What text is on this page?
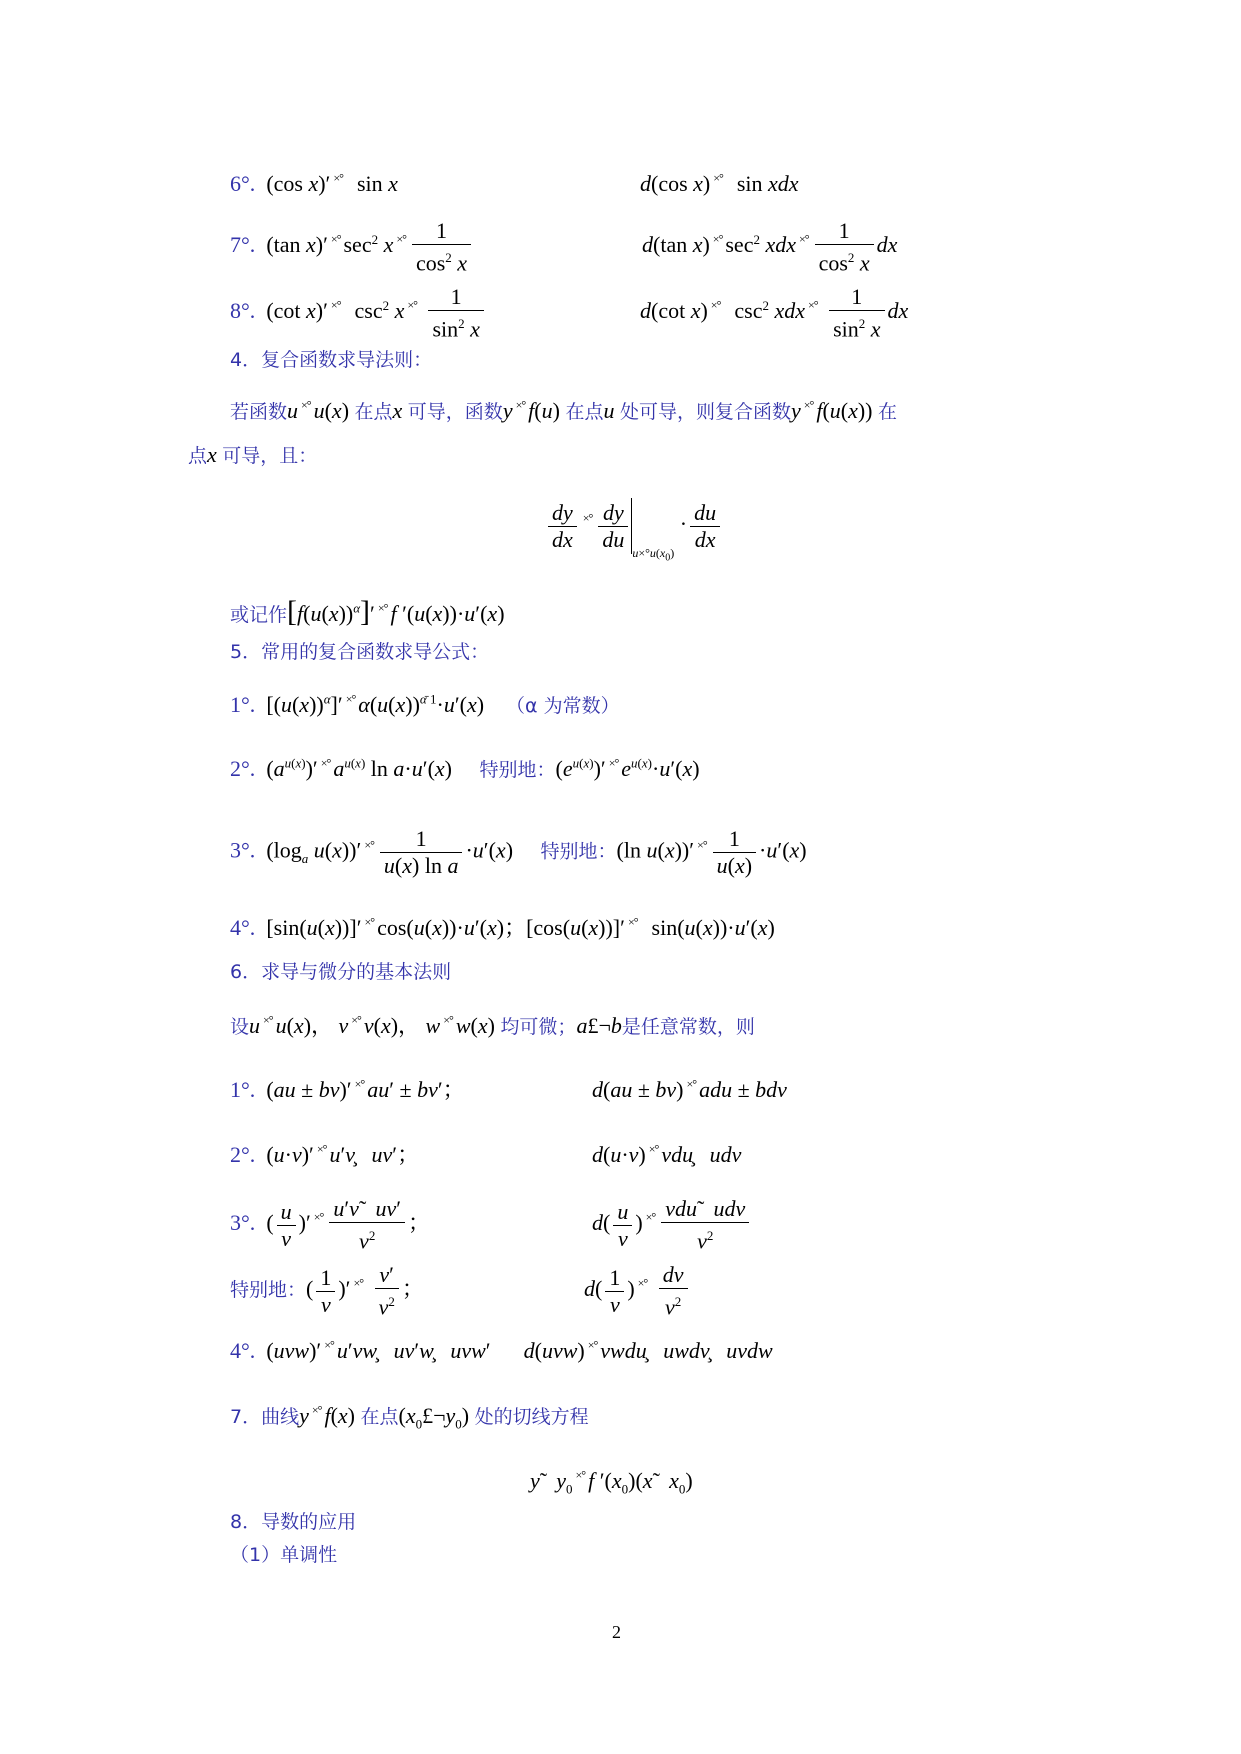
6°.  (cos x)′ ×°  sin x	d(cos x) ×°  sin xdx
7°.  (tan x)′ ×° $\sec^2 x$ $^{\times^\circ} \frac{1}{\cos^2 x}$	d(tan x) ×° $\sec^2$ xdx $^{\times^\circ} \frac{1}{\cos^2 x}$ dx
8°.  (cot x)′ ×°  $\csc^2 x$ $^{\times^\circ} \frac{1}{\sin^2 x}$	d(cot x) ×°  $\csc^2$ xdx $^{\times^\circ} \frac{1}{\sin^2 x}$ dx
4．复合函数求导法则：
若函数u ×° u(x) 在点x 可导，函数y ×° f(u) 在点u 处可导，则复合函数y ×° f(u(x)) 在
点x 可导，且：
$\frac{dy}{dx} ^{\times^\circ} \frac{dy}{du}$
$_{u\times^\circ u(x_0)} \cdot \frac{du}{dx}$
或记作$[f(u(x))^\alpha]'$ ×° f ′(u(x))·u′(x)
5．常用的复合函数求导公式：
1°.  $[(u(x))^\alpha]'$ ×° $\alpha(u(x))^{\alphā 1}\cdot u'(x)$    （α 为常数）
2°.  $(a^{u(x)})'$ ×° $a^{u(x)}$ ln a·u′(x)     特别地：$(e^{u(x)})'$ ×° $e^{u(x)}\cdot u'(x)$
3°.  ($\log_a$ u(x))′ $^{\times^\circ} \frac{1}{\text{u(x) ln a}} \cdot u'(x)$     特别地：(ln u(x))′ $^{\times^\circ} \frac{1}{u(x)} \cdot u'(x)$
4°.  [sin(u(x))]′ ×° cos(u(x))·u′(x)；[cos(u(x))]′ ×°  sin(u(x))·u′(x)
6．求导与微分的基本法则
设u ×° u(x)， v ×° v(x)， w ×° w(x) 均可微；a£¬b是任意常数，则
1°.  (au ± bv)′ ×° au′ ± bv′；	d(au ± bv) ×° adu ± bdv
2°.  (u·v)′ ×° u′v̧   uv′；	d(u·v) ×° vdu̧   udv
3°.  ( $\frac{u}{v}$ )′ $^{\times^\circ} \frac{u'ṽ uv'}{v^2}$ ；	$d( \frac{u}{v}$ ) $^{\times^\circ} \frac{\text{vdũ   udv}}{v^2}$
特别地：( $\frac{1}{v}$ )′ $^{\times^\circ} \frac{v'}{v^2}$ ；	$d( \frac{1}{v}$ ) $^{\times^\circ} \frac{dv}{v^2}$
4°.  (uvw)′ ×° u′vw̧   uv′w̧   uvw′      d(uvw) ×° vwdu̧   uwdv̧   uvdw
7．曲线y ×° f(x) 在点$(x_0£\neg y_0)$ 处的切线方程
ỹ   $y_0^{\times^\circ}$ f $'(x_0)(x̃$   $x_0$)
8．导数的应用
（1）单调性
2
